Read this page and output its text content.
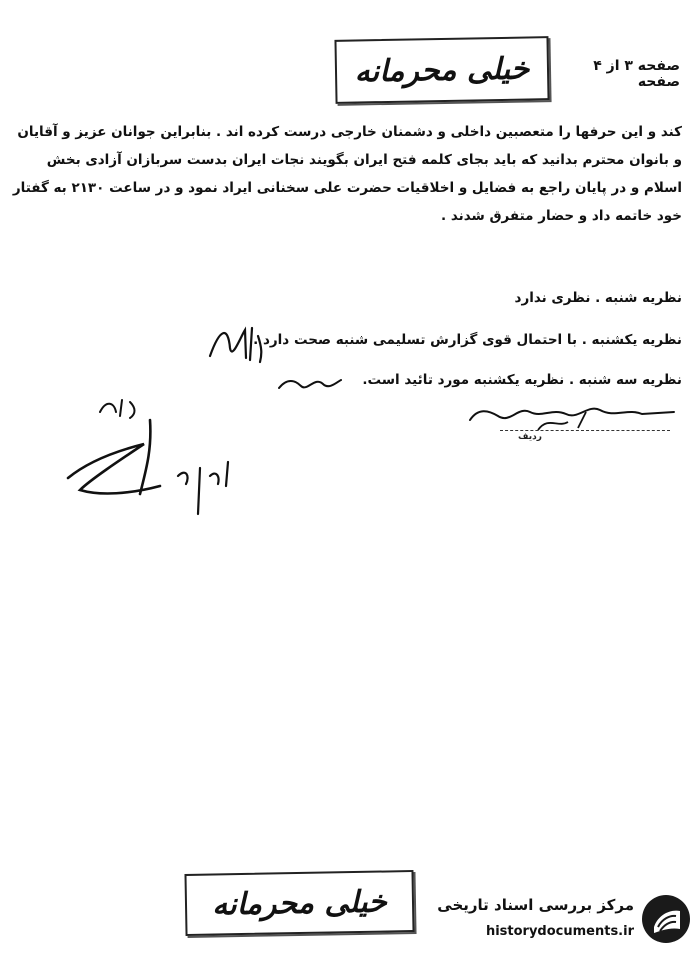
صفحه ۳ از ۴ صفحه
خیلی محرمانه

کند و این حرفها را متعصبین داخلی و دشمنان خارجی درست کرده اند . بنابراین جوانان عزیز و آقایان

و بانوان محترم بدانید که باید بجای کلمه فتح ایران بگویند نجات ایران بدست سربازان آزادی بخش

اسلام و در پایان راجع به فضایل و اخلاقیات حضرت علی سخنانی ایراد نمود و در ساعت ۲۱۳۰ به گفتار

خود خاتمه داد و حضار متفرق شدند .

نظریه شنبه . نظری ندارد
نظریه یکشنبه . با احتمال قوی گزارش تسلیمی شنبه صحت دارد .
نظریه سه شنبه . نظریه یکشنبه مورد تائید است.
آ عمال
ردیف
خیلی محرمانه	مرکز بررسی اسناد تاریخی
historydocuments.ir
